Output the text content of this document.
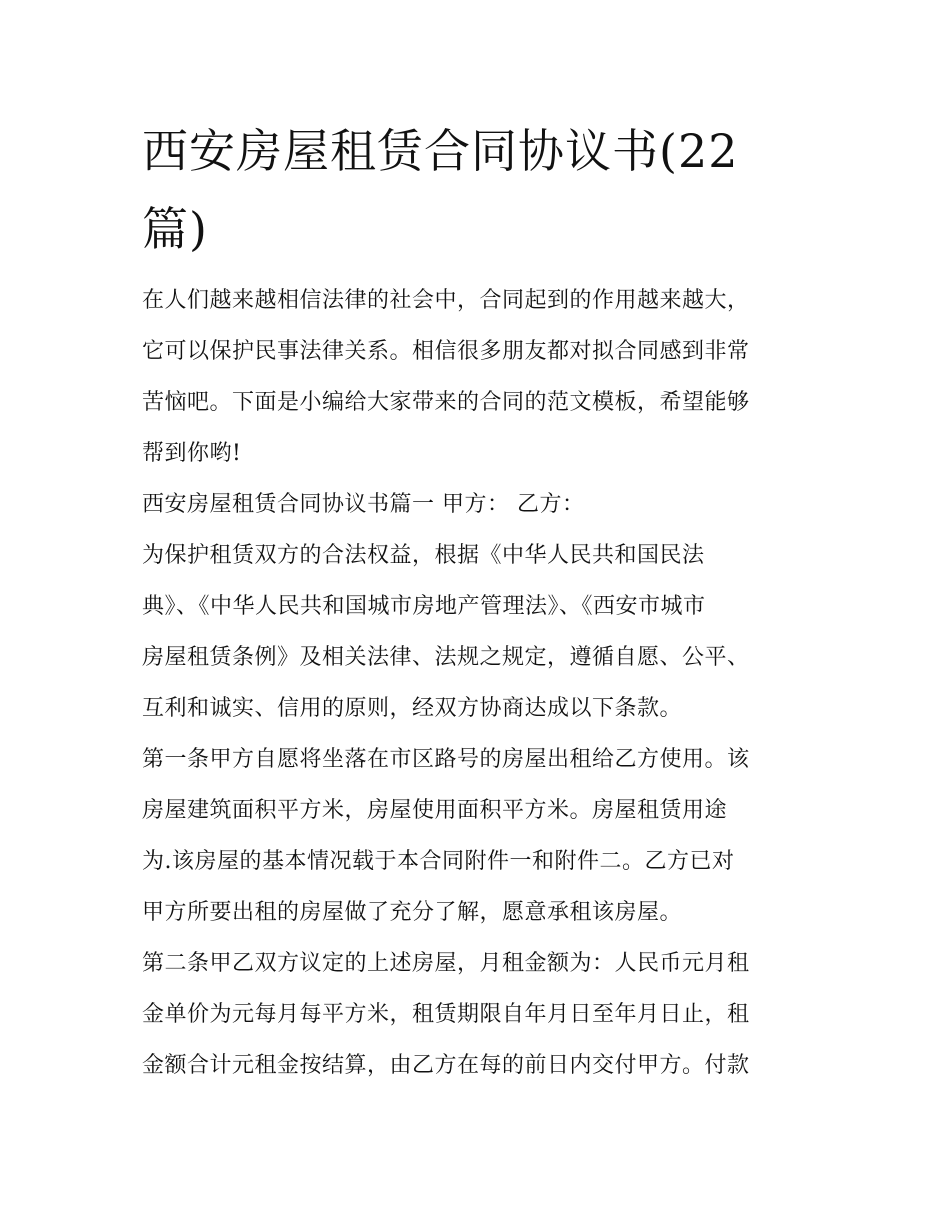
西安房屋租赁合同协议书(22
篇)

在人们越来越相信法律的社会中，合同起到的作用越来越大，
它可以保护民事法律关系。相信很多朋友都对拟合同感到非常
苦恼吧。下面是小编给大家带来的合同的范文模板，希望能够
帮到你哟!

西安房屋租赁合同协议书篇一 甲方： 乙方：

为保护租赁双方的合法权益，根据《中华人民共和国民法
典》、《中华人民共和国城市房地产管理法》、《西安市城市
房屋租赁条例》及相关法律、法规之规定，遵循自愿、公平、
互利和诚实、信用的原则，经双方协商达成以下条款。

第一条甲方自愿将坐落在市区路号的房屋出租给乙方使用。该
房屋建筑面积平方米，房屋使用面积平方米。房屋租赁用途
为.该房屋的基本情况载于本合同附件一和附件二。乙方已对
甲方所要出租的房屋做了充分了解，愿意承租该房屋。

第二条甲乙双方议定的上述房屋，月租金额为：人民币元月租
金单价为元每月每平方米，租赁期限自年月日至年月日止，租
金额合计元租金按结算，由乙方在每的前日内交付甲方。付款
